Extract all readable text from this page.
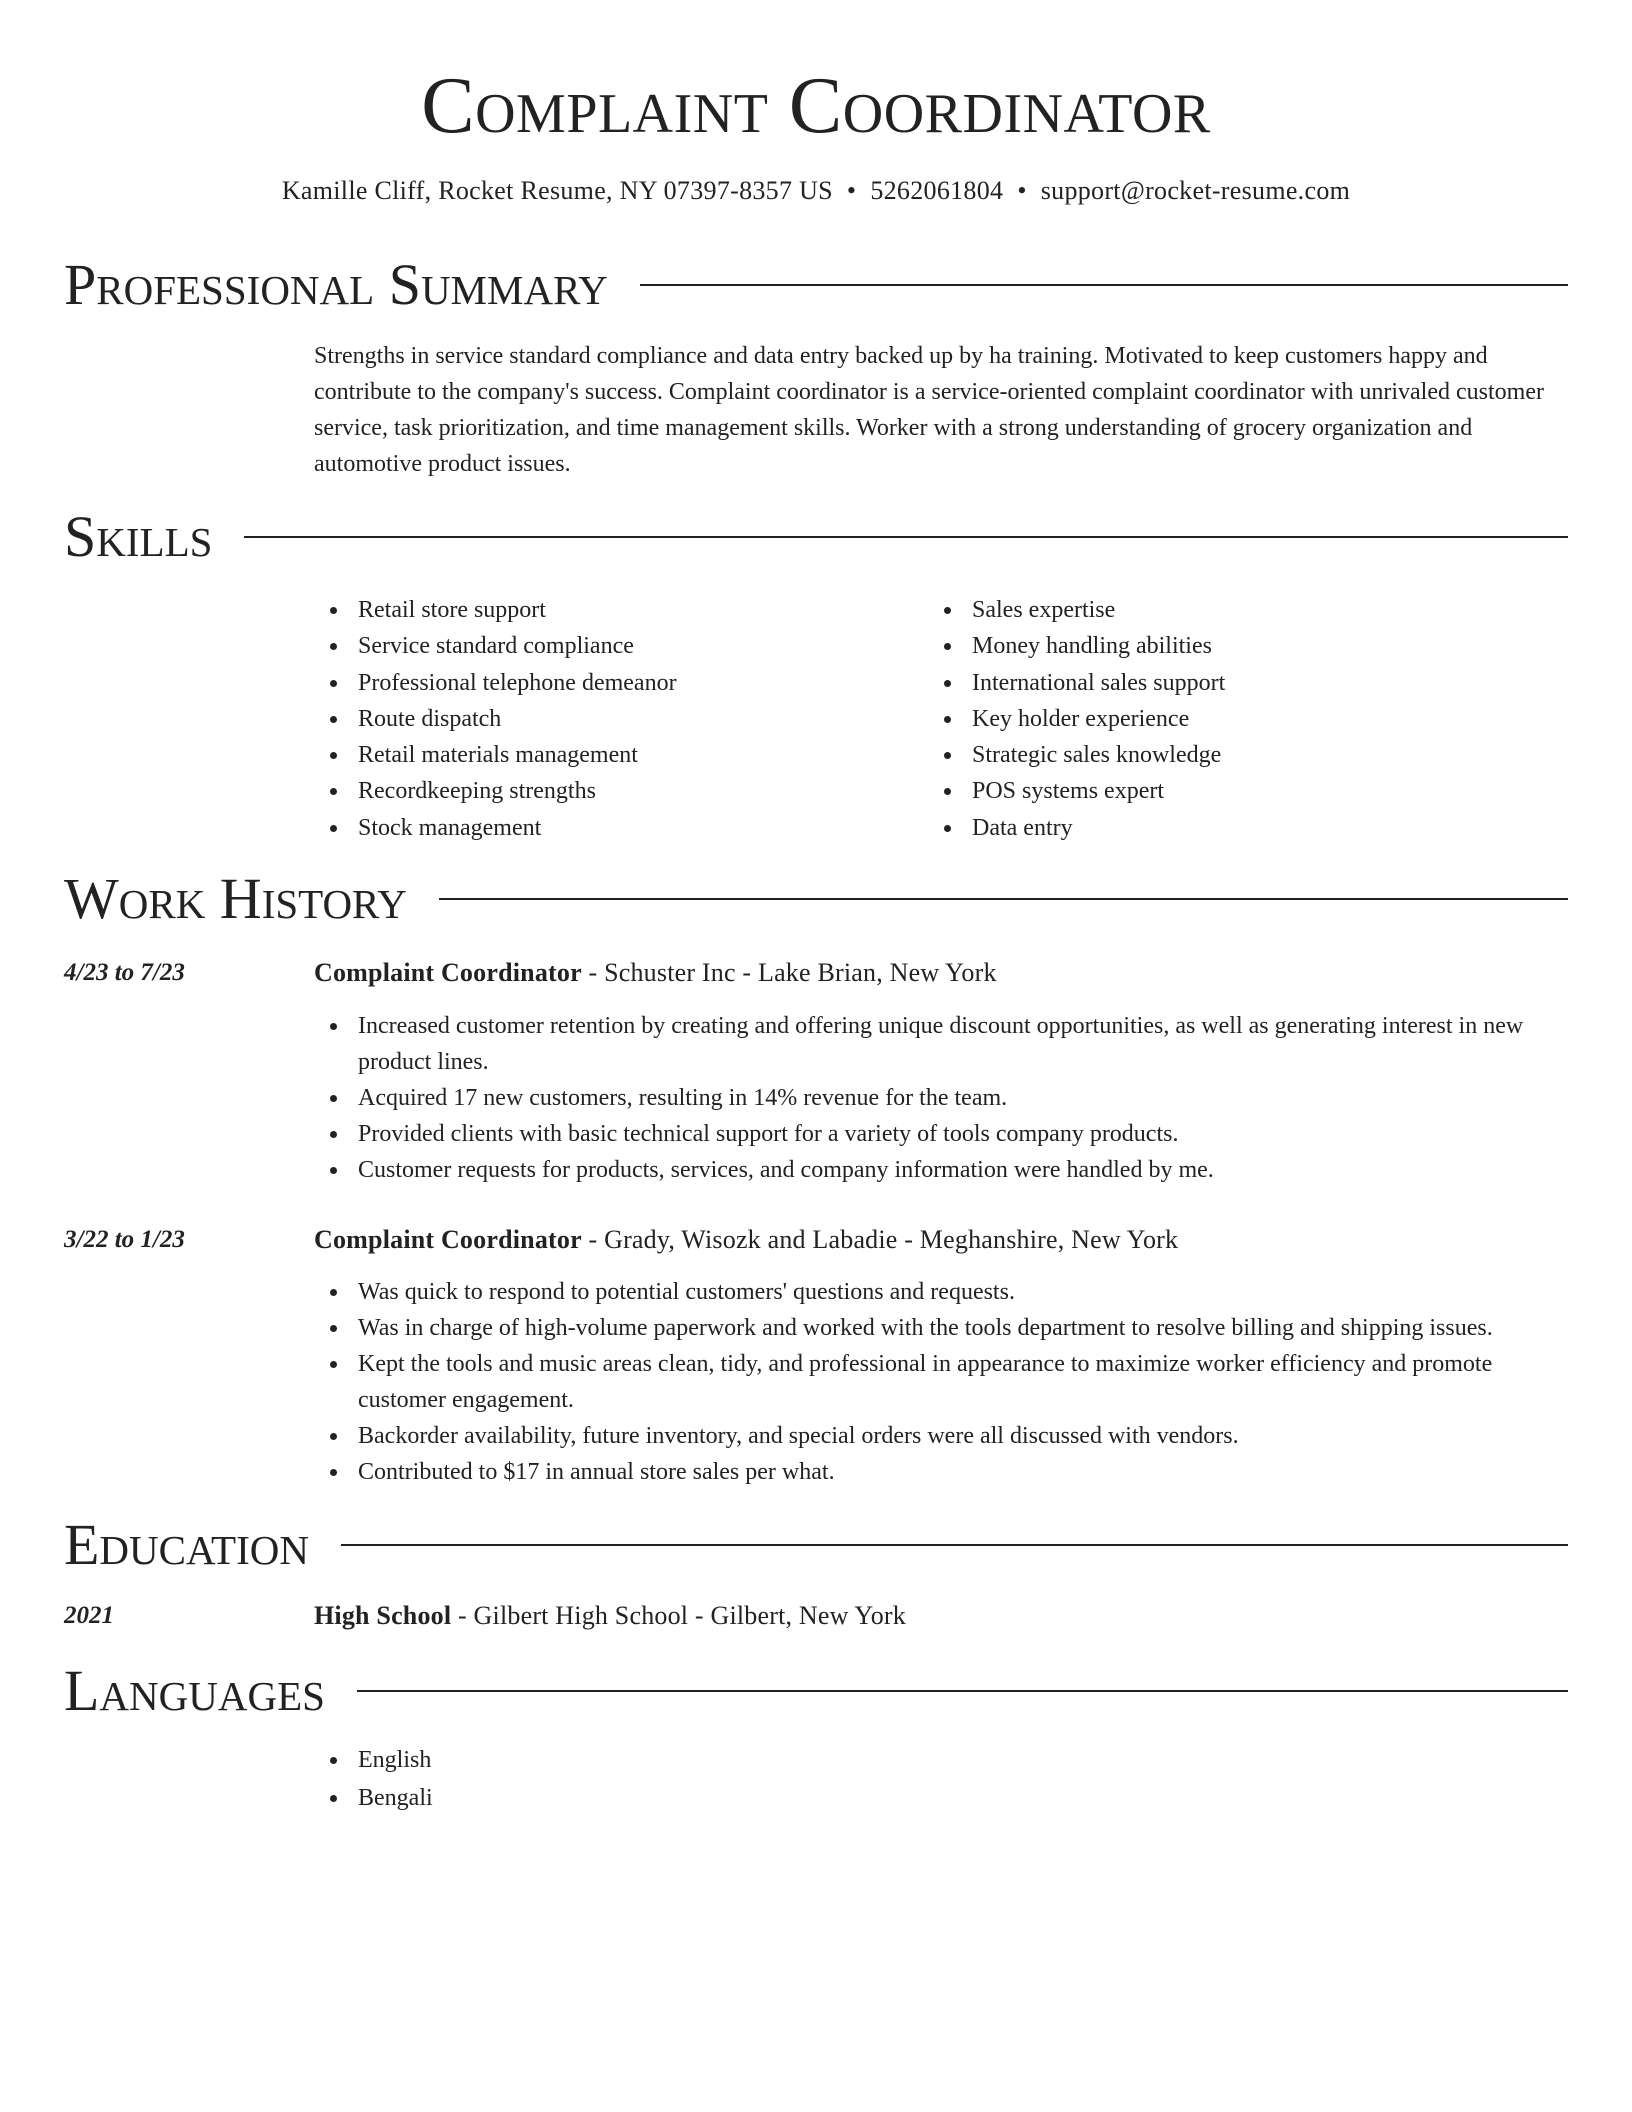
Complaint Coordinator
Kamille Cliff, Rocket Resume, NY 07397-8357 US • 5262061804 • support@rocket-resume.com
Professional Summary

Strengths in service standard compliance and data entry backed up by ha training. Motivated to keep customers happy and contribute to the company's success. Complaint coordinator is a service-oriented complaint coordinator with unrivaled customer service, task prioritization, and time management skills. Worker with a strong understanding of grocery organization and automotive product issues.

Skills
Retail store support
Service standard compliance
Professional telephone demeanor
Route dispatch
Retail materials management
Recordkeeping strengths
Stock management
Sales expertise
Money handling abilities
International sales support
Key holder experience
Strategic sales knowledge
POS systems expert
Data entry
Work History
4/23 to 7/23	Complaint Coordinator - Schuster Inc - Lake Brian, New York
Increased customer retention by creating and offering unique discount opportunities, as well as generating interest in new product lines.
Acquired 17 new customers, resulting in 14% revenue for the team.
Provided clients with basic technical support for a variety of tools company products.
Customer requests for products, services, and company information were handled by me.
3/22 to 1/23	Complaint Coordinator - Grady, Wisozk and Labadie - Meghanshire, New York
Was quick to respond to potential customers' questions and requests.
Was in charge of high-volume paperwork and worked with the tools department to resolve billing and shipping issues.
Kept the tools and music areas clean, tidy, and professional in appearance to maximize worker efficiency and promote customer engagement.
Backorder availability, future inventory, and special orders were all discussed with vendors.
Contributed to $17 in annual store sales per what.
Education
2021	High School - Gilbert High School - Gilbert, New York
Languages
English
Bengali
